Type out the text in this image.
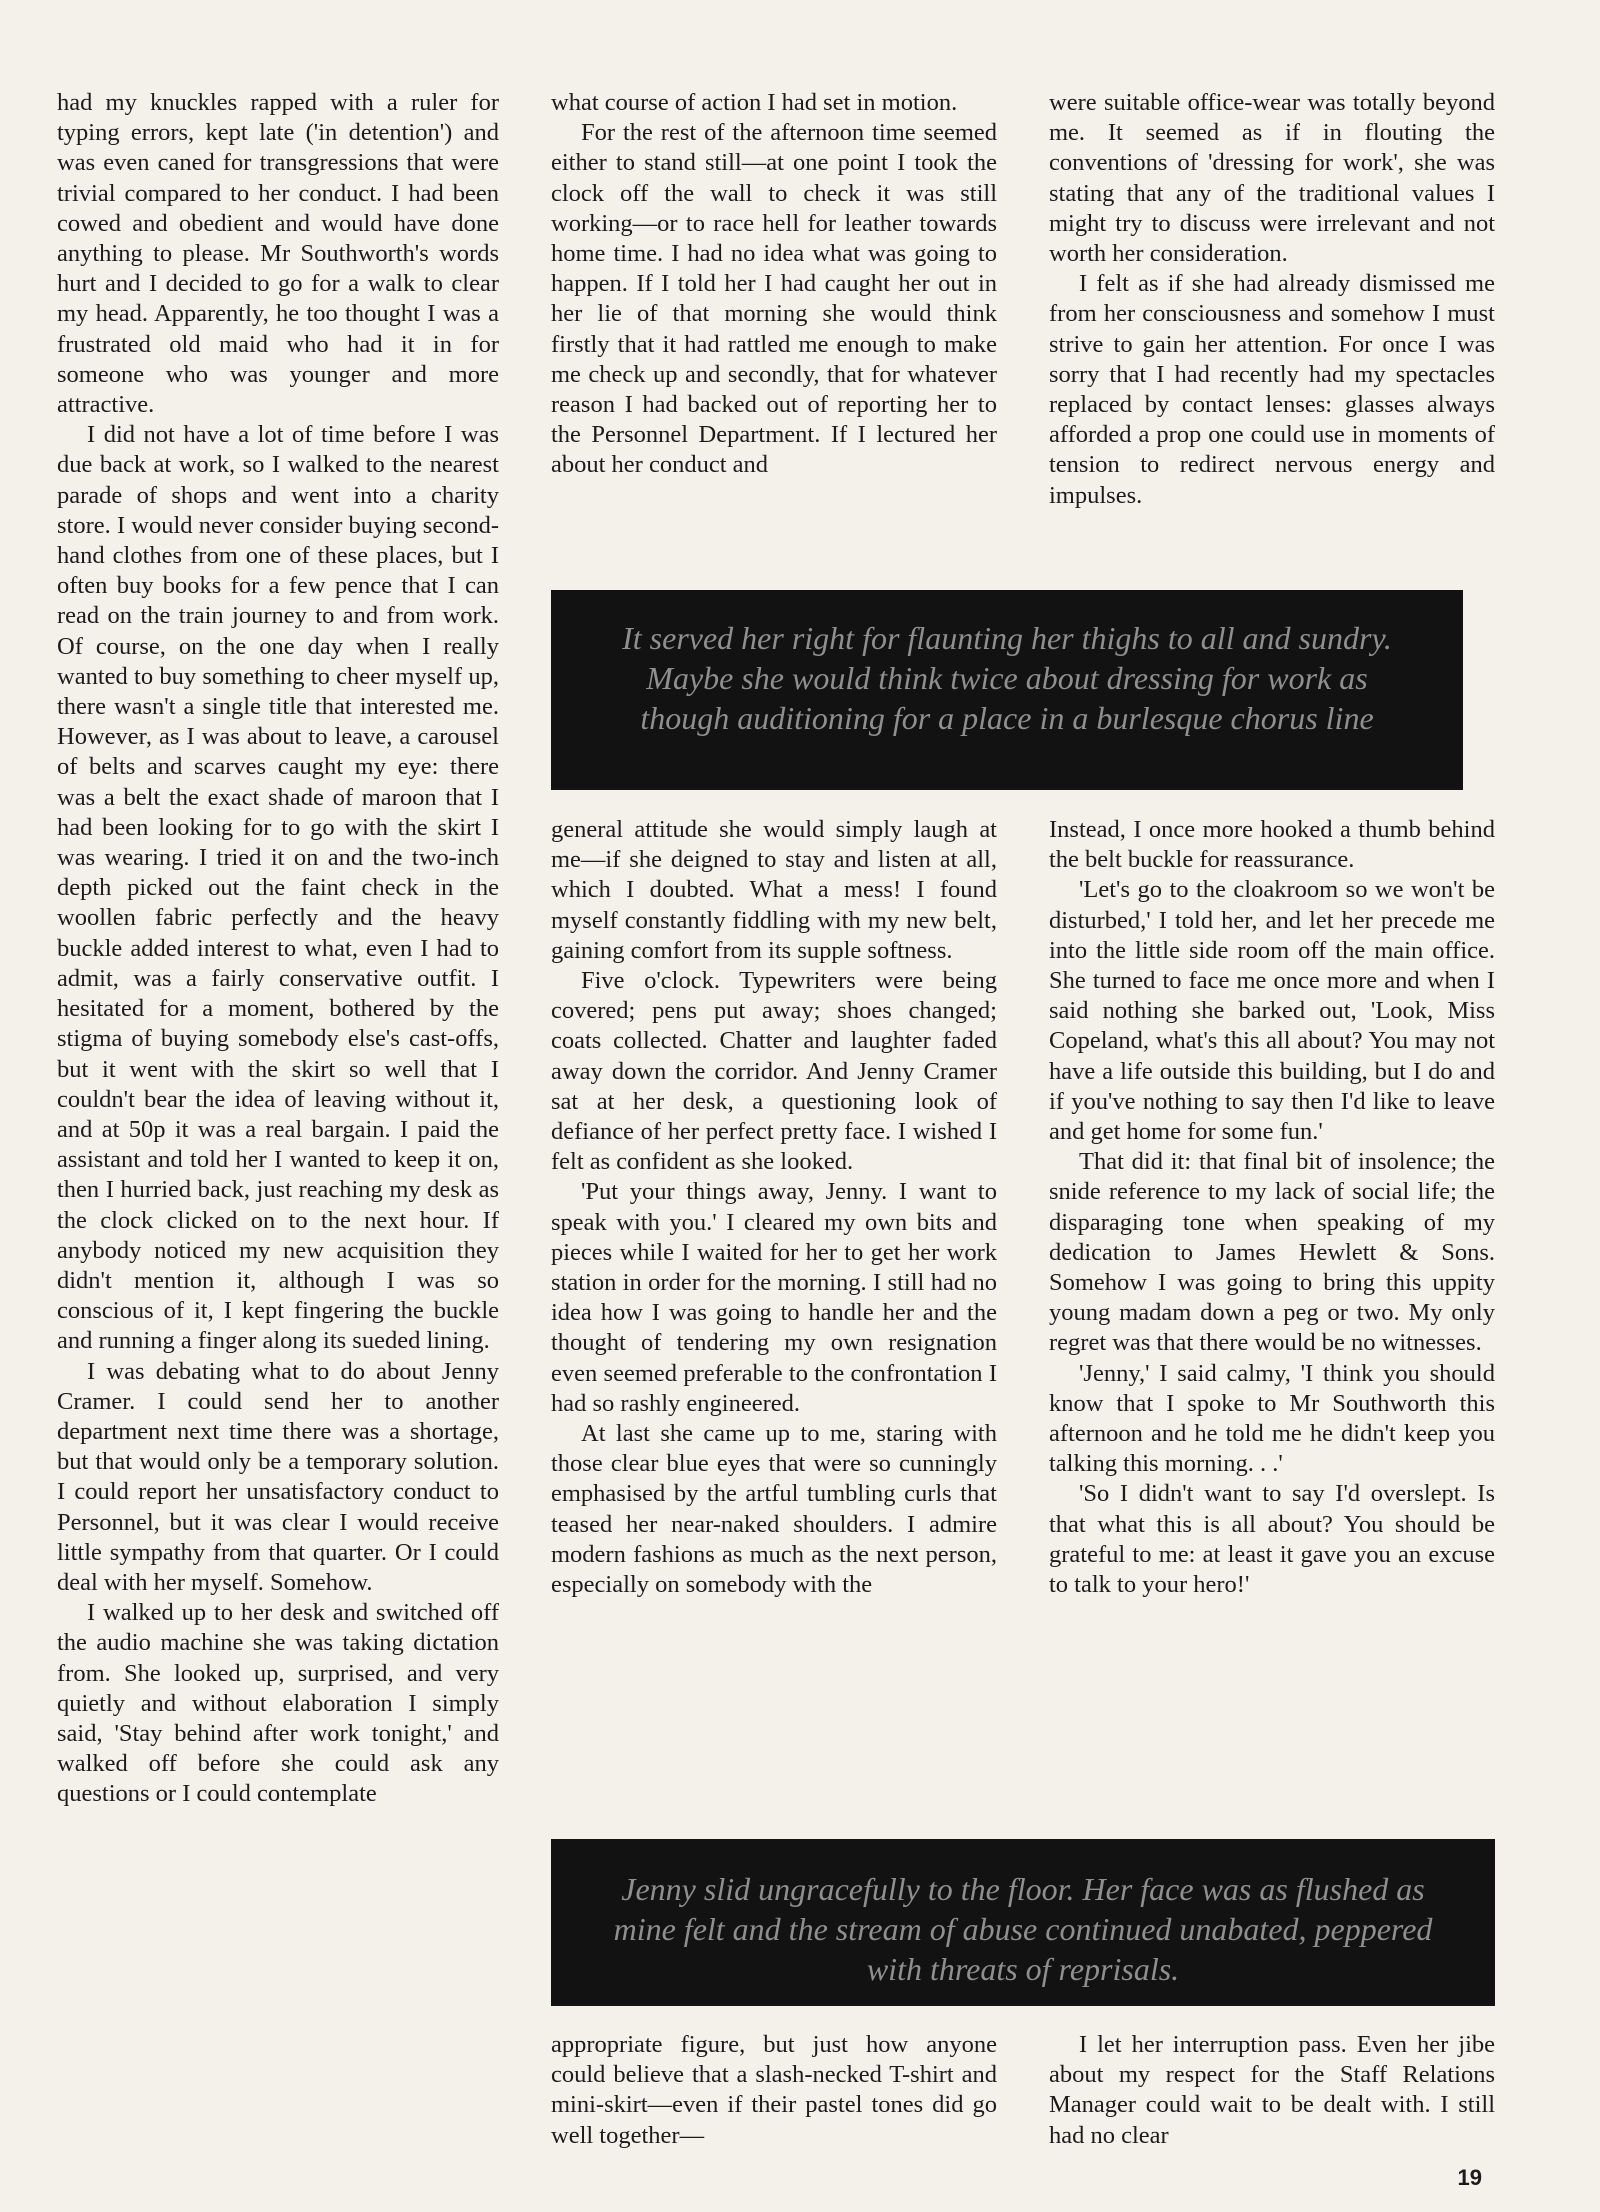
had my knuckles rapped with a ruler for typing errors, kept late ('in detention') and was even caned for transgressions that were trivial compared to her conduct. I had been cowed and obedient and would have done anything to please. Mr Southworth's words hurt and I decided to go for a walk to clear my head. Apparently, he too thought I was a frustrated old maid who had it in for someone who was younger and more attractive.

I did not have a lot of time before I was due back at work, so I walked to the nearest parade of shops and went into a charity store. I would never consider buying second-hand clothes from one of these places, but I often buy books for a few pence that I can read on the train journey to and from work. Of course, on the one day when I really wanted to buy something to cheer myself up, there wasn't a single title that interested me. However, as I was about to leave, a carousel of belts and scarves caught my eye: there was a belt the exact shade of maroon that I had been looking for to go with the skirt I was wearing. I tried it on and the two-inch depth picked out the faint check in the woollen fabric perfectly and the heavy buckle added interest to what, even I had to admit, was a fairly conservative outfit. I hesitated for a moment, bothered by the stigma of buying somebody else's cast-offs, but it went with the skirt so well that I couldn't bear the idea of leaving without it, and at 50p it was a real bargain. I paid the assistant and told her I wanted to keep it on, then I hurried back, just reaching my desk as the clock clicked on to the next hour. If anybody noticed my new acquisition they didn't mention it, although I was so conscious of it, I kept fingering the buckle and running a finger along its sueded lining.

I was debating what to do about Jenny Cramer. I could send her to another department next time there was a shortage, but that would only be a temporary solution. I could report her unsatisfactory conduct to Personnel, but it was clear I would receive little sympathy from that quarter. Or I could deal with her myself. Somehow.

I walked up to her desk and switched off the audio machine she was taking dictation from. She looked up, surprised, and very quietly and without elaboration I simply said, 'Stay behind after work tonight,' and walked off before she could ask any questions or I could contemplate

what course of action I had set in motion.

For the rest of the afternoon time seemed either to stand still—at one point I took the clock off the wall to check it was still working—or to race hell for leather towards home time. I had no idea what was going to happen. If I told her I had caught her out in her lie of that morning she would think firstly that it had rattled me enough to make me check up and secondly, that for whatever reason I had backed out of reporting her to the Personnel Department. If I lectured her about her conduct and

were suitable office-wear was totally beyond me. It seemed as if in flouting the conventions of 'dressing for work', she was stating that any of the traditional values I might try to discuss were irrelevant and not worth her consideration.

I felt as if she had already dismissed me from her consciousness and somehow I must strive to gain her attention. For once I was sorry that I had recently had my spectacles replaced by contact lenses: glasses always afforded a prop one could use in moments of tension to redirect nervous energy and impulses.

It served her right for flaunting her thighs to all and sundry. Maybe she would think twice about dressing for work as though auditioning for a place in a burlesque chorus line

general attitude she would simply laugh at me—if she deigned to stay and listen at all, which I doubted. What a mess! I found myself constantly fiddling with my new belt, gaining comfort from its supple softness.

Five o'clock. Typewriters were being covered; pens put away; shoes changed; coats collected. Chatter and laughter faded away down the corridor. And Jenny Cramer sat at her desk, a questioning look of defiance of her perfect pretty face. I wished I felt as confident as she looked.

'Put your things away, Jenny. I want to speak with you.' I cleared my own bits and pieces while I waited for her to get her work station in order for the morning. I still had no idea how I was going to handle her and the thought of tendering my own resignation even seemed preferable to the confrontation I had so rashly engineered.

At last she came up to me, staring with those clear blue eyes that were so cunningly emphasised by the artful tumbling curls that teased her near-naked shoulders. I admire modern fashions as much as the next person, especially on somebody with the

Instead, I once more hooked a thumb behind the belt buckle for reassurance.

'Let's go to the cloakroom so we won't be disturbed,' I told her, and let her precede me into the little side room off the main office. She turned to face me once more and when I said nothing she barked out, 'Look, Miss Copeland, what's this all about? You may not have a life outside this building, but I do and if you've nothing to say then I'd like to leave and get home for some fun.'

That did it: that final bit of insolence; the snide reference to my lack of social life; the disparaging tone when speaking of my dedication to James Hewlett & Sons. Somehow I was going to bring this uppity young madam down a peg or two. My only regret was that there would be no witnesses.

'Jenny,' I said calmy, 'I think you should know that I spoke to Mr Southworth this afternoon and he told me he didn't keep you talking this morning. . .'

'So I didn't want to say I'd overslept. Is that what this is all about? You should be grateful to me: at least it gave you an excuse to talk to your hero!'

Jenny slid ungracefully to the floor. Her face was as flushed as mine felt and the stream of abuse continued unabated, peppered with threats of reprisals.

appropriate figure, but just how anyone could believe that a slash-necked T-shirt and mini-skirt—even if their pastel tones did go well together—

I let her interruption pass. Even her jibe about my respect for the Staff Relations Manager could wait to be dealt with. I still had no clear

19
